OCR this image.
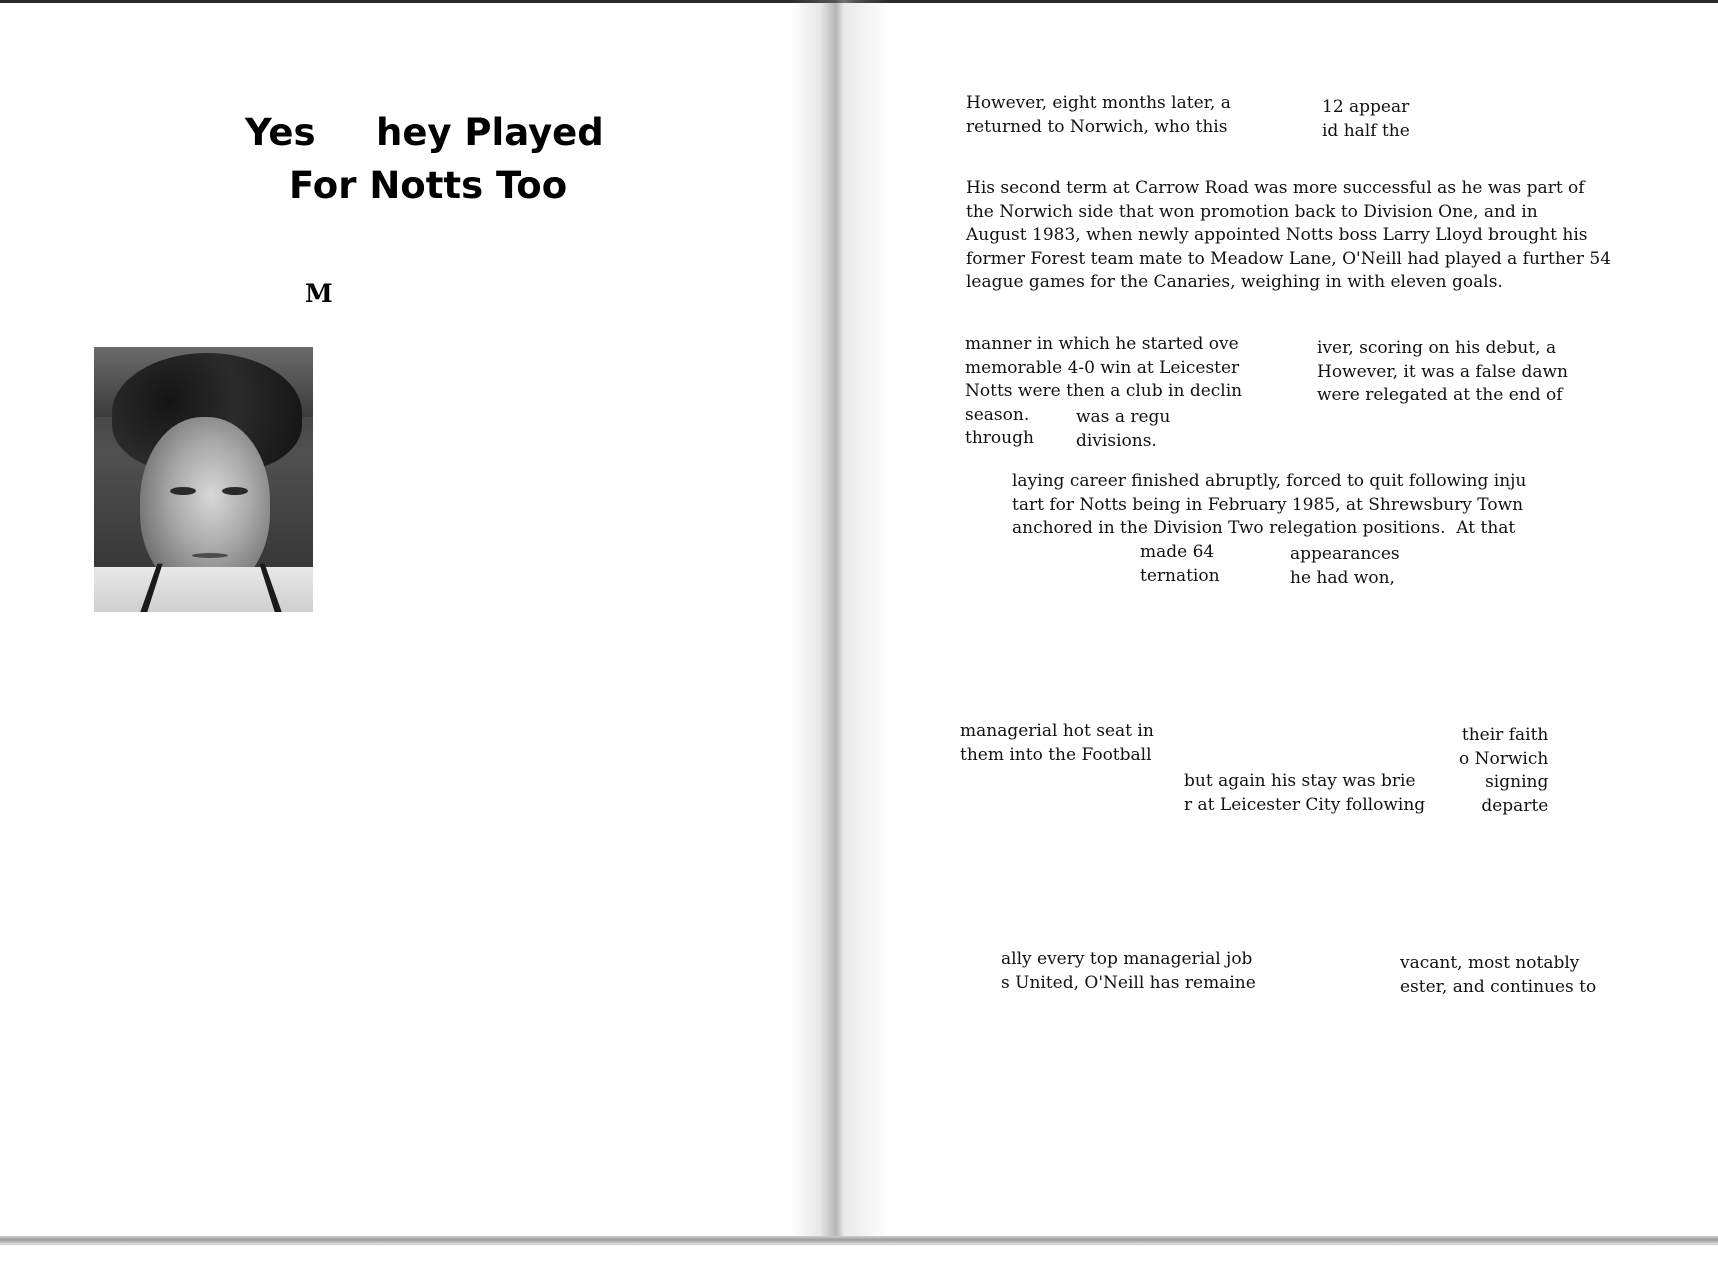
Yes hey Played
For Notts Too
M
However, eight months later, a
returned to Norwich, who this
12 appear
id half the
His second term at Carrow Road was more successful as he was part of
the Norwich side that won promotion back to Division One, and in
August 1983, when newly appointed Notts boss Larry Lloyd brought his
former Forest team mate to Meadow Lane, O'Neill had played a further 54
league games for the Canaries, weighing in with eleven goals.
manner in which he started ove
memorable 4-0 win at Leicester
Notts were then a club in declin
season.
through
was a regu
divisions.
iver, scoring on his debut, a
However, it was a false dawn
were relegated at the end of
laying career finished abruptly, forced to quit following inju
tart for Notts being in February 1985, at Shrewsbury Town
anchored in the Division Two relegation positions.  At that
made 64
ternation
appearances
he had won,
managerial hot seat in
them into the Football
but again his stay was brie
r at Leicester City following
their faith
o Norwich
signing
departe
ally every top managerial job
s United, O'Neill has remaine
vacant, most notably
ester, and continues to
